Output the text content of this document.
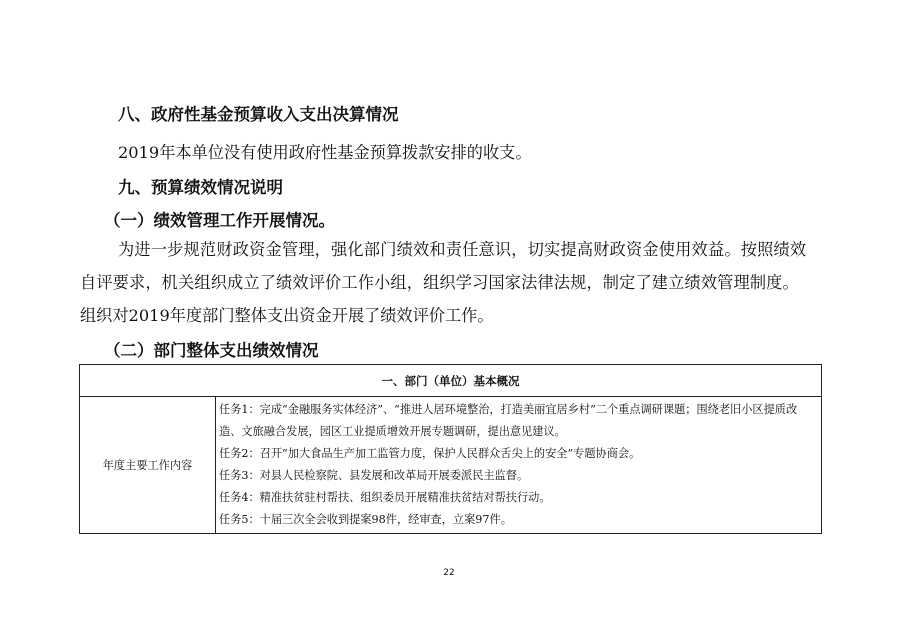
八、政府性基金预算收入支出决算情况
2019年本单位没有使用政府性基金预算拨款安排的收支。
九、预算绩效情况说明
（一）绩效管理工作开展情况。
为进一步规范财政资金管理，强化部门绩效和责任意识，切实提高财政资金使用效益。按照绩效
自评要求，机关组织成立了绩效评价工作小组，组织学习国家法律法规，制定了建立绩效管理制度。
组织对2019年度部门整体支出资金开展了绩效评价工作。
（二）部门整体支出绩效情况
一、部门（单位）基本概况
年度主要工作内容	
任务1：完成“金融服务实体经济”、“推进人居环境整治，打造美丽宜居乡村”二个重点调研课题；围绕老旧小区提质改造、文旅融合发展，园区工业提质增效开展专题调研，提出意见建议。
任务2：召开“加大食品生产加工监管力度，保护人民群众舌尖上的安全”专题协商会。
任务3：对县人民检察院、县发展和改革局开展委派民主监督。
任务4：精准扶贫驻村帮扶、组织委员开展精准扶贫结对帮扶行动。
任务5：十届三次全会收到提案98件，经审查，立案97件。
22
